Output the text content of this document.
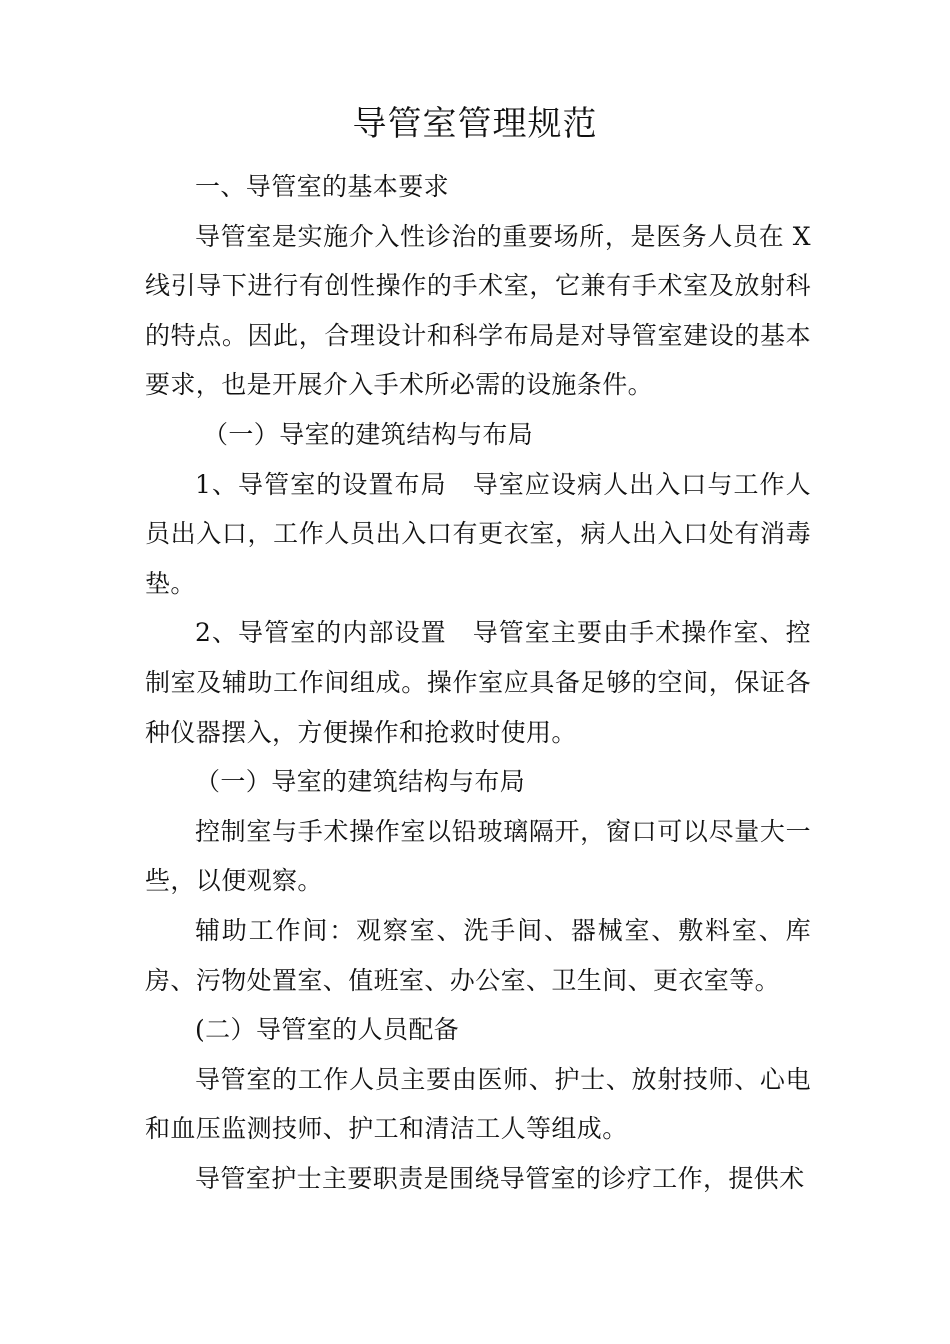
导管室管理规范

一、导管室的基本要求

导管室是实施介入性诊治的重要场所，是医务人员在 X 线引导下进行有创性操作的手术室，它兼有手术室及放射科的特点。因此，合理设计和科学布局是对导管室建设的基本要求，也是开展介入手术所必需的设施条件。

（一）导室的建筑结构与布局

1、导管室的设置布局　导室应设病人出入口与工作人员出入口，工作人员出入口有更衣室，病人出入口处有消毒垫。

2、导管室的内部设置　导管室主要由手术操作室、控制室及辅助工作间组成。操作室应具备足够的空间，保证各种仪器摆入，方便操作和抢救时使用。

（一）导室的建筑结构与布局

控制室与手术操作室以铅玻璃隔开，窗口可以尽量大一些，以便观察。

辅助工作间：观察室、洗手间、器械室、敷料室、库房、污物处置室、值班室、办公室、卫生间、更衣室等。

(二）导管室的人员配备

导管室的工作人员主要由医师、护士、放射技师、心电和血压监测技师、护工和清洁工人等组成。

导管室护士主要职责是围绕导管室的诊疗工作，提供术
